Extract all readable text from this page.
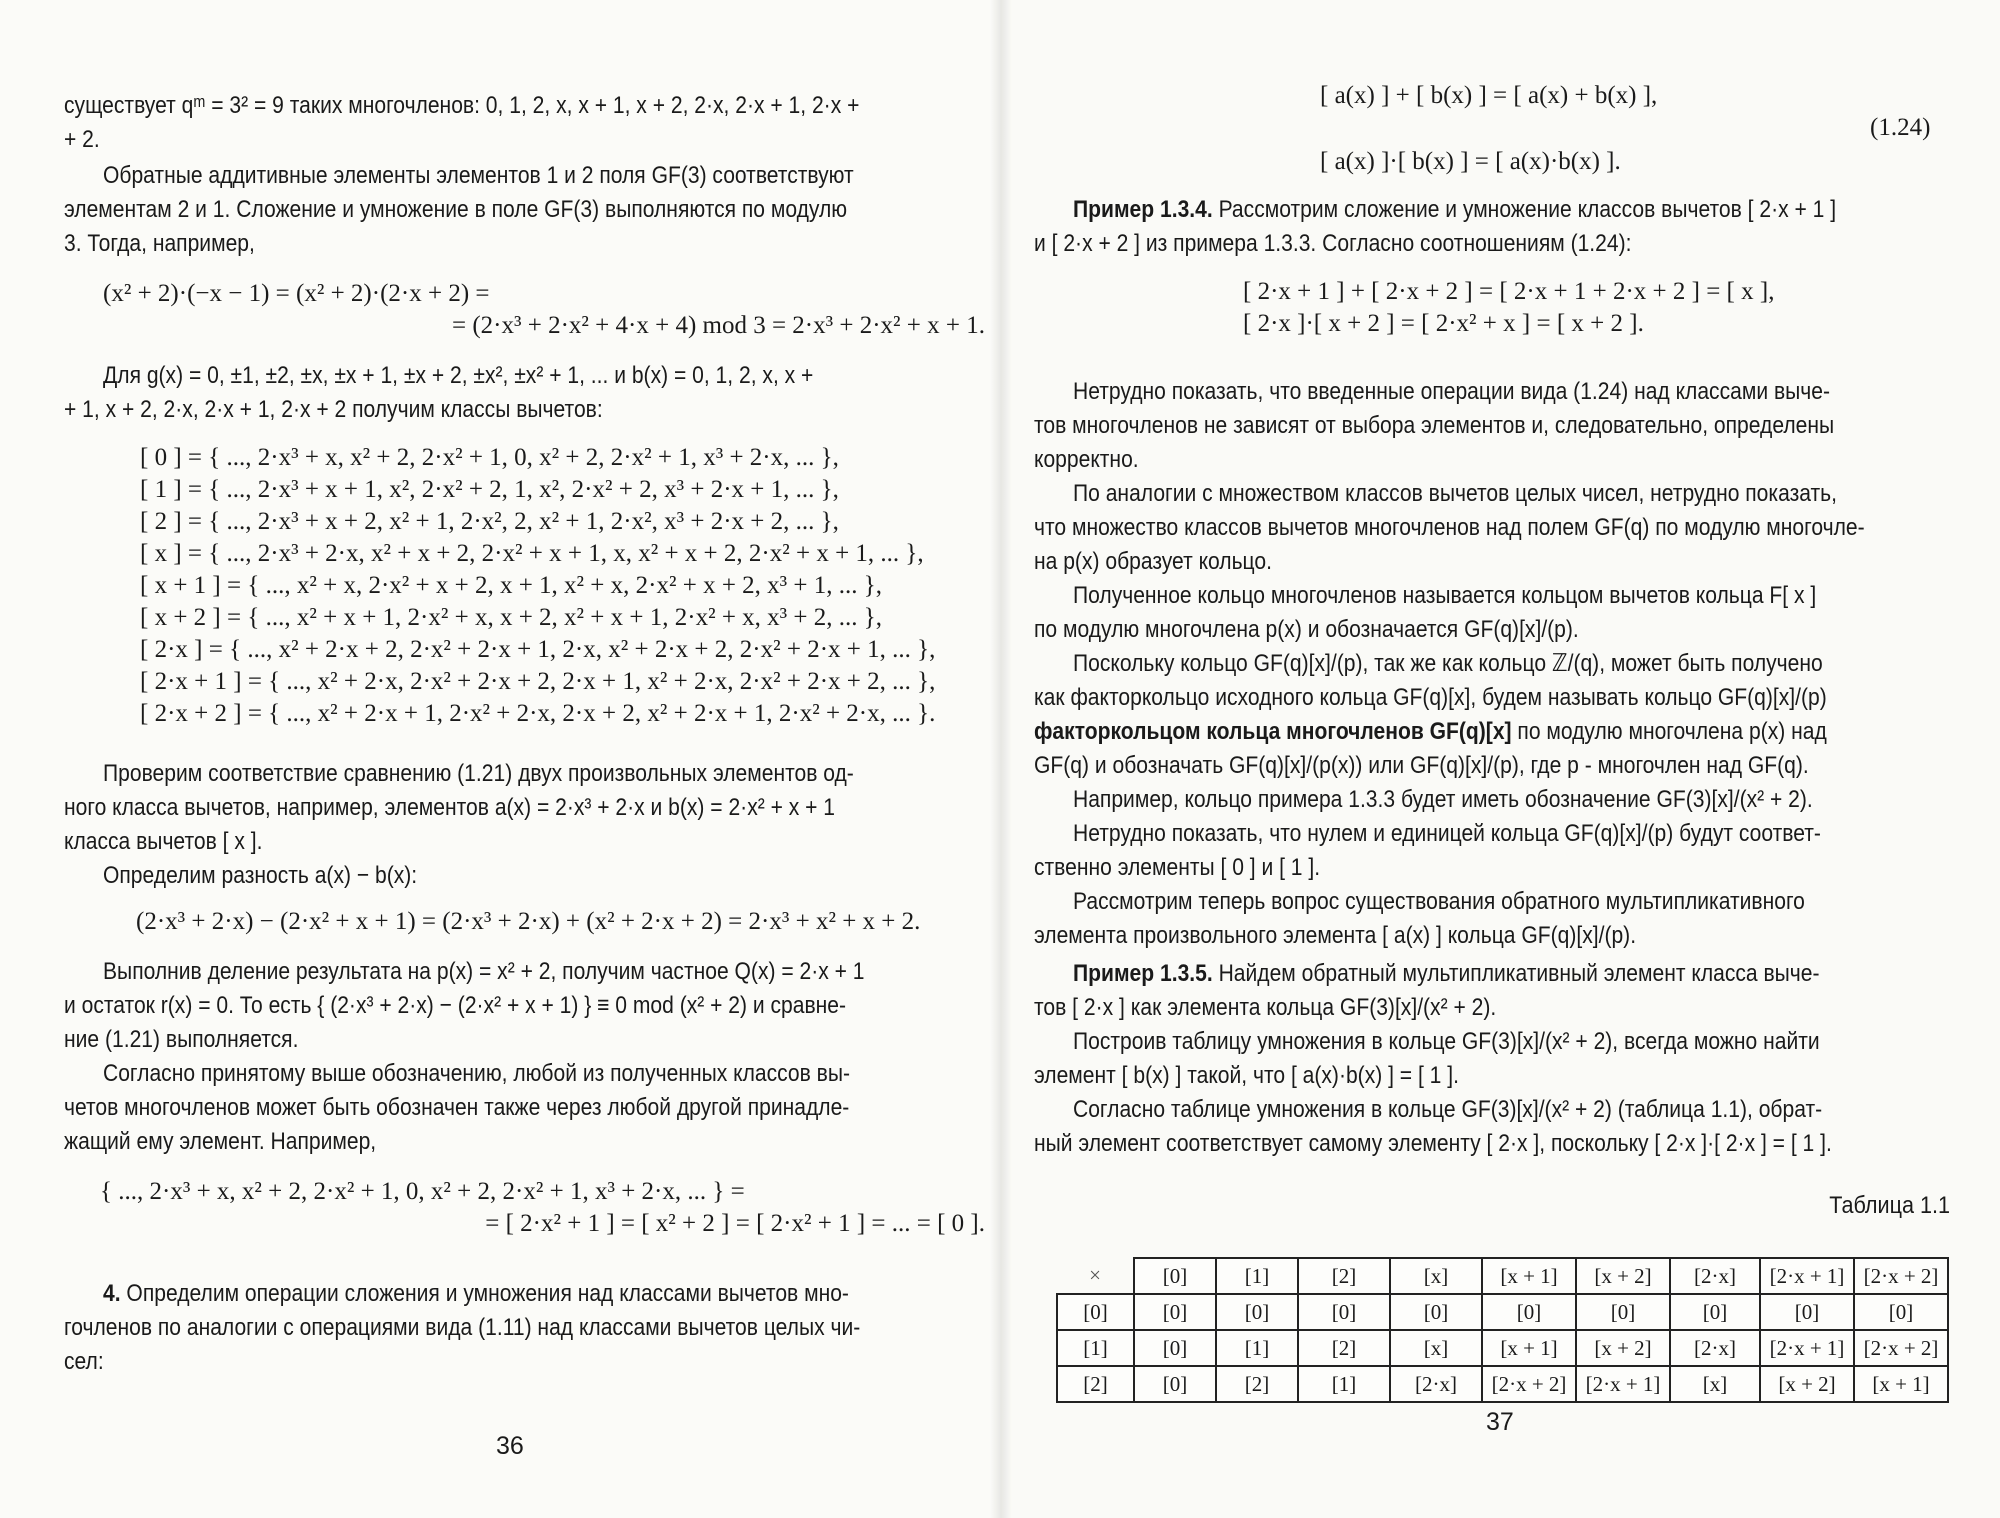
существует qᵐ = 3² = 9 таких многочленов: 0, 1, 2, x, x + 1, x + 2, 2·x, 2·x + 1, 2·x +

+ 2.

Обратные аддитивные элементы элементов 1 и 2 поля GF(3) соответствуют

элементам 2 и 1. Сложение и умножение в поле GF(3) выполняются по модулю

3. Тогда, например,

(x² + 2)·(−x − 1) = (x² + 2)·(2·x + 2) =

= (2·x³ + 2·x² + 4·x + 4) mod 3 = 2·x³ + 2·x² + x + 1.

Для g(x) = 0, ±1, ±2, ±x, ±x + 1, ±x + 2, ±x², ±x² + 1, ... и b(x) = 0, 1, 2, x, x +

+ 1, x + 2, 2·x, 2·x + 1, 2·x + 2 получим классы вычетов:

[ 0 ] = { ..., 2·x³ + x, x² + 2, 2·x² + 1, 0, x² + 2, 2·x² + 1, x³ + 2·x, ... },

[ 1 ] = { ..., 2·x³ + x + 1, x², 2·x² + 2, 1, x², 2·x² + 2, x³ + 2·x + 1, ... },

[ 2 ] = { ..., 2·x³ + x + 2, x² + 1, 2·x², 2, x² + 1, 2·x², x³ + 2·x + 2, ... },

[ x ] = { ..., 2·x³ + 2·x, x² + x + 2, 2·x² + x + 1, x, x² + x + 2, 2·x² + x + 1, ... },

[ x + 1 ] = { ..., x² + x, 2·x² + x + 2, x + 1, x² + x, 2·x² + x + 2, x³ + 1, ... },

[ x + 2 ] = { ..., x² + x + 1, 2·x² + x, x + 2, x² + x + 1, 2·x² + x, x³ + 2, ... },

[ 2·x ] = { ..., x² + 2·x + 2, 2·x² + 2·x + 1, 2·x, x² + 2·x + 2, 2·x² + 2·x + 1, ... },

[ 2·x + 1 ] = { ..., x² + 2·x, 2·x² + 2·x + 2, 2·x + 1, x² + 2·x, 2·x² + 2·x + 2, ... },

[ 2·x + 2 ] = { ..., x² + 2·x + 1, 2·x² + 2·x, 2·x + 2, x² + 2·x + 1, 2·x² + 2·x, ... }.

Проверим соответствие сравнению (1.21) двух произвольных элементов од-

ного класса вычетов, например, элементов a(x) = 2·x³ + 2·x и b(x) = 2·x² + x + 1

класса вычетов [ x ].

Определим разность a(x) − b(x):

(2·x³ + 2·x) − (2·x² + x + 1) = (2·x³ + 2·x) + (x² + 2·x + 2) = 2·x³ + x² + x + 2.

Выполнив деление результата на p(x) = x² + 2, получим частное Q(x) = 2·x + 1

и остаток r(x) = 0. То есть { (2·x³ + 2·x) − (2·x² + x + 1) } ≡ 0 mod (x² + 2) и сравне-

ние (1.21) выполняется.

Согласно принятому выше обозначению, любой из полученных классов вы-

четов многочленов может быть обозначен также через любой другой принадле-

жащий ему элемент. Например,

{ ..., 2·x³ + x, x² + 2, 2·x² + 1, 0, x² + 2, 2·x² + 1, x³ + 2·x, ... } =

= [ 2·x² + 1 ] = [ x² + 2 ] = [ 2·x² + 1 ] = ... = [ 0 ].

4. Определим операции сложения и умножения над классами вычетов мно-

гочленов по аналогии с операциями вида (1.11) над классами вычетов целых чи-

сел:

36

[ a(x) ] + [ b(x) ] = [ a(x) + b(x) ],

[ a(x) ]·[ b(x) ] = [ a(x)·b(x) ].

(1.24)

Пример 1.3.4. Рассмотрим сложение и умножение классов вычетов [ 2·x + 1 ]

и [ 2·x + 2 ] из примера 1.3.3. Согласно соотношениям (1.24):

[ 2·x + 1 ] + [ 2·x + 2 ] = [ 2·x + 1 + 2·x + 2 ] = [ x ],

[ 2·x ]·[ x + 2 ] = [ 2·x² + x ] = [ x + 2 ].

Нетрудно показать, что введенные операции вида (1.24) над классами выче-

тов многочленов не зависят от выбора элементов и, следовательно, определены

корректно.

По аналогии с множеством классов вычетов целых чисел, нетрудно показать,

что множество классов вычетов многочленов над полем GF(q) по модулю многочле-

на p(x) образует кольцо.

Полученное кольцо многочленов называется кольцом вычетов кольца F[ x ]

по модулю многочлена p(x) и обозначается GF(q)[x]/(p).

Поскольку кольцо GF(q)[x]/(p), так же как кольцо ℤ/(q), может быть получено

как факторкольцо исходного кольца GF(q)[x], будем называть кольцо GF(q)[x]/(p)

факторкольцом кольца многочленов GF(q)[x] по модулю многочлена p(x) над

GF(q) и обозначать GF(q)[x]/(p(x)) или GF(q)[x]/(p), где p - многочлен над GF(q).

Например, кольцо примера 1.3.3 будет иметь обозначение GF(3)[x]/(x² + 2).

Нетрудно показать, что нулем и единицей кольца GF(q)[x]/(p) будут соответ-

ственно элементы [ 0 ] и [ 1 ].

Рассмотрим теперь вопрос существования обратного мультипликативного

элемента произвольного элемента [ a(x) ] кольца GF(q)[x]/(p).

Пример 1.3.5. Найдем обратный мультипликативный элемент класса выче-

тов [ 2·x ] как элемента кольца GF(3)[x]/(x² + 2).

Построив таблицу умножения в кольце GF(3)[x]/(x² + 2), всегда можно найти

элемент [ b(x) ] такой, что [ a(x)·b(x) ] = [ 1 ].

Согласно таблице умножения в кольце GF(3)[x]/(x² + 2) (таблица 1.1), обрат-

ный элемент соответствует самому элементу [ 2·x ], поскольку [ 2·x ]·[ 2·x ] = [ 1 ].

Таблица 1.1

×	[0]	[1]	[2]	[x]	[x + 1]	[x + 2]	[2·x]	[2·x + 1]	[2·x + 2]
[0]	[0]	[0]	[0]	[0]	[0]	[0]	[0]	[0]	[0]
[1]	[0]	[1]	[2]	[x]	[x + 1]	[x + 2]	[2·x]	[2·x + 1]	[2·x + 2]
[2]	[0]	[2]	[1]	[2·x]	[2·x + 2]	[2·x + 1]	[x]	[x + 2]	[x + 1]

37
